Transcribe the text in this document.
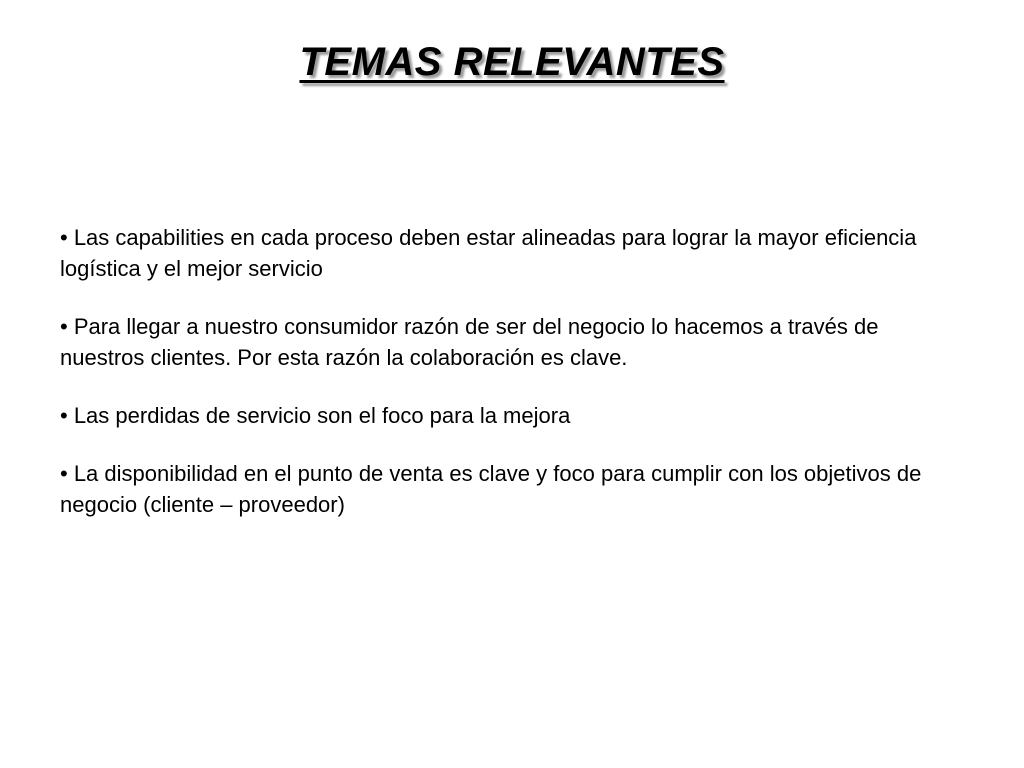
TEMAS RELEVANTES

• Las capabilities en cada proceso deben estar alineadas para lograr la mayor eficiencia logística y el mejor servicio

• Para llegar a nuestro consumidor razón de ser del negocio lo hacemos a través de nuestros clientes. Por esta razón la colaboración es clave.

• Las perdidas de servicio son el foco para la mejora

• La disponibilidad en el punto de venta es clave y foco para cumplir con los objetivos de negocio (cliente – proveedor)
